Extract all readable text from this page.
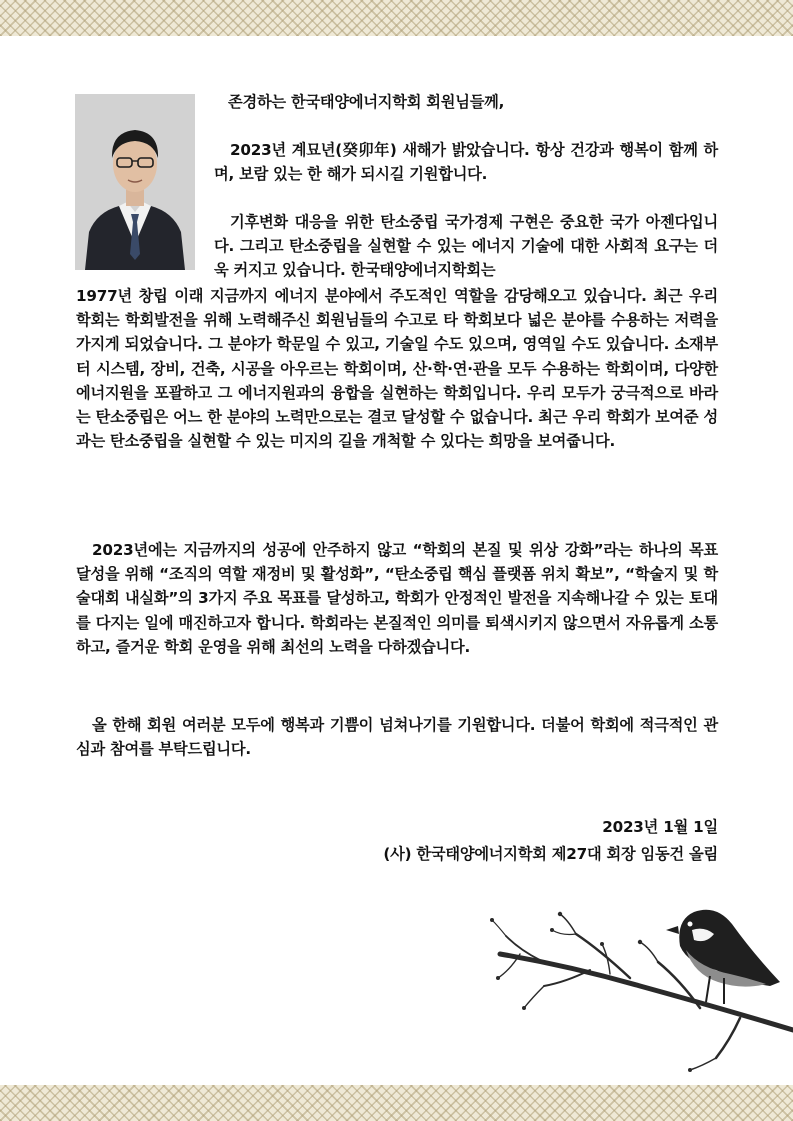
존경하는 한국태양에너지학회 회원님들께,
2023년 계묘년(癸卯年) 새해가 밝았습니다. 항상 건강과 행복이 함께 하며, 보람 있는 한 해가 되시길 기원합니다.
기후변화 대응을 위한 탄소중립 국가경제 구현은 중요한 국가 아젠다입니다. 그리고 탄소중립을 실현할 수 있는 에너지 기술에 대한 사회적 요구는 더욱 커지고 있습니다. 한국태양에너지학회는
1977년 창립 이래 지금까지 에너지 분야에서 주도적인 역할을 감당해오고 있습니다. 최근 우리 학회는 학회발전을 위해 노력해주신 회원님들의 수고로 타 학회보다 넓은 분야를 수용하는 저력을 가지게 되었습니다. 그 분야가 학문일 수 있고, 기술일 수도 있으며, 영역일 수도 있습니다. 소재부터 시스템, 장비, 건축, 시공을 아우르는 학회이며, 산·학·연·관을 모두 수용하는 학회이며, 다양한 에너지원을 포괄하고 그 에너지원과의 융합을 실현하는 학회입니다. 우리 모두가 궁극적으로 바라는 탄소중립은 어느 한 분야의 노력만으로는 결코 달성할 수 없습니다. 최근 우리 학회가 보여준 성과는 탄소중립을 실현할 수 있는 미지의 길을 개척할 수 있다는 희망을 보여줍니다.
2023년에는 지금까지의 성공에 안주하지 않고 “학회의 본질 및 위상 강화”라는 하나의 목표 달성을 위해 “조직의 역할 재정비 및 활성화”, “탄소중립 핵심 플랫폼 위치 확보”, “학술지 및 학술대회 내실화”의 3가지 주요 목표를 달성하고, 학회가 안정적인 발전을 지속해나갈 수 있는 토대를 다지는 일에 매진하고자 합니다. 학회라는 본질적인 의미를 퇴색시키지 않으면서 자유롭게 소통하고, 즐거운 학회 운영을 위해 최선의 노력을 다하겠습니다.
올 한해 회원 여러분 모두에 행복과 기쁨이 넘쳐나기를 기원합니다. 더불어 학회에 적극적인 관심과 참여를 부탁드립니다.
2023년 1월 1일
(사) 한국태양에너지학회 제27대 회장 임동건 올림
